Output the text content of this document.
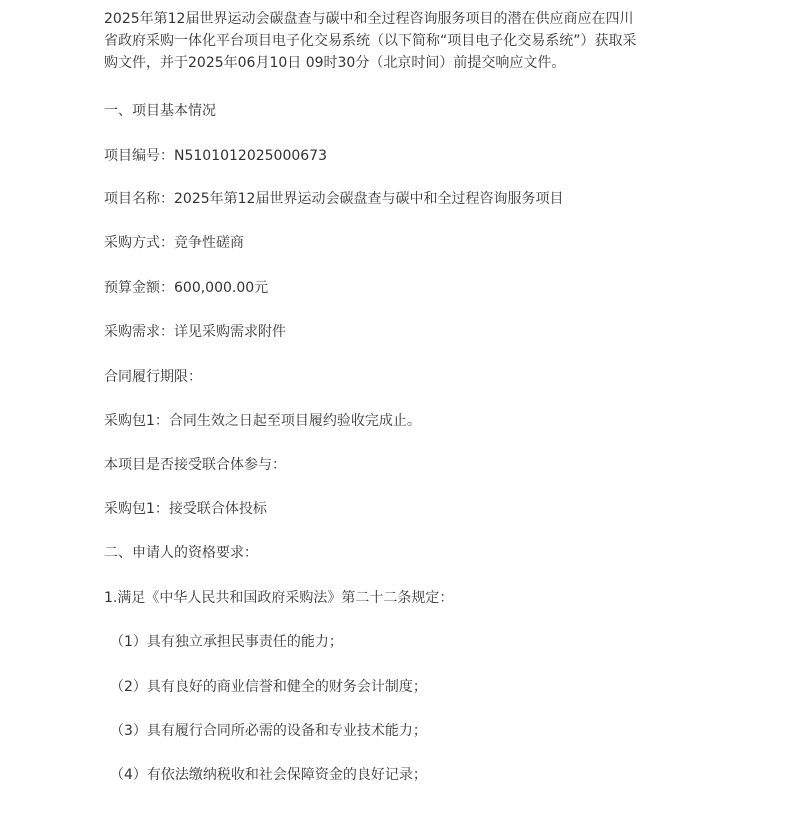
2025年第12届世界运动会碳盘查与碳中和全过程咨询服务项目的潜在供应商应在四川
省政府采购一体化平台项目电子化交易系统（以下简称“项目电子化交易系统”）获取采
购文件，并于2025年06月10日 09时30分（北京时间）前提交响应文件。
一、项目基本情况
项目编号：N5101012025000673
项目名称：2025年第12届世界运动会碳盘查与碳中和全过程咨询服务项目
采购方式：竞争性磋商
预算金额：600,000.00元
采购需求：详见采购需求附件
合同履行期限：
采购包1：合同生效之日起至项目履约验收完成止。
本项目是否接受联合体参与：
采购包1：接受联合体投标
二、申请人的资格要求：
1.满足《中华人民共和国政府采购法》第二十二条规定：
（1）具有独立承担民事责任的能力；
（2）具有良好的商业信誉和健全的财务会计制度；
（3）具有履行合同所必需的设备和专业技术能力；
（4）有依法缴纳税收和社会保障资金的良好记录；
